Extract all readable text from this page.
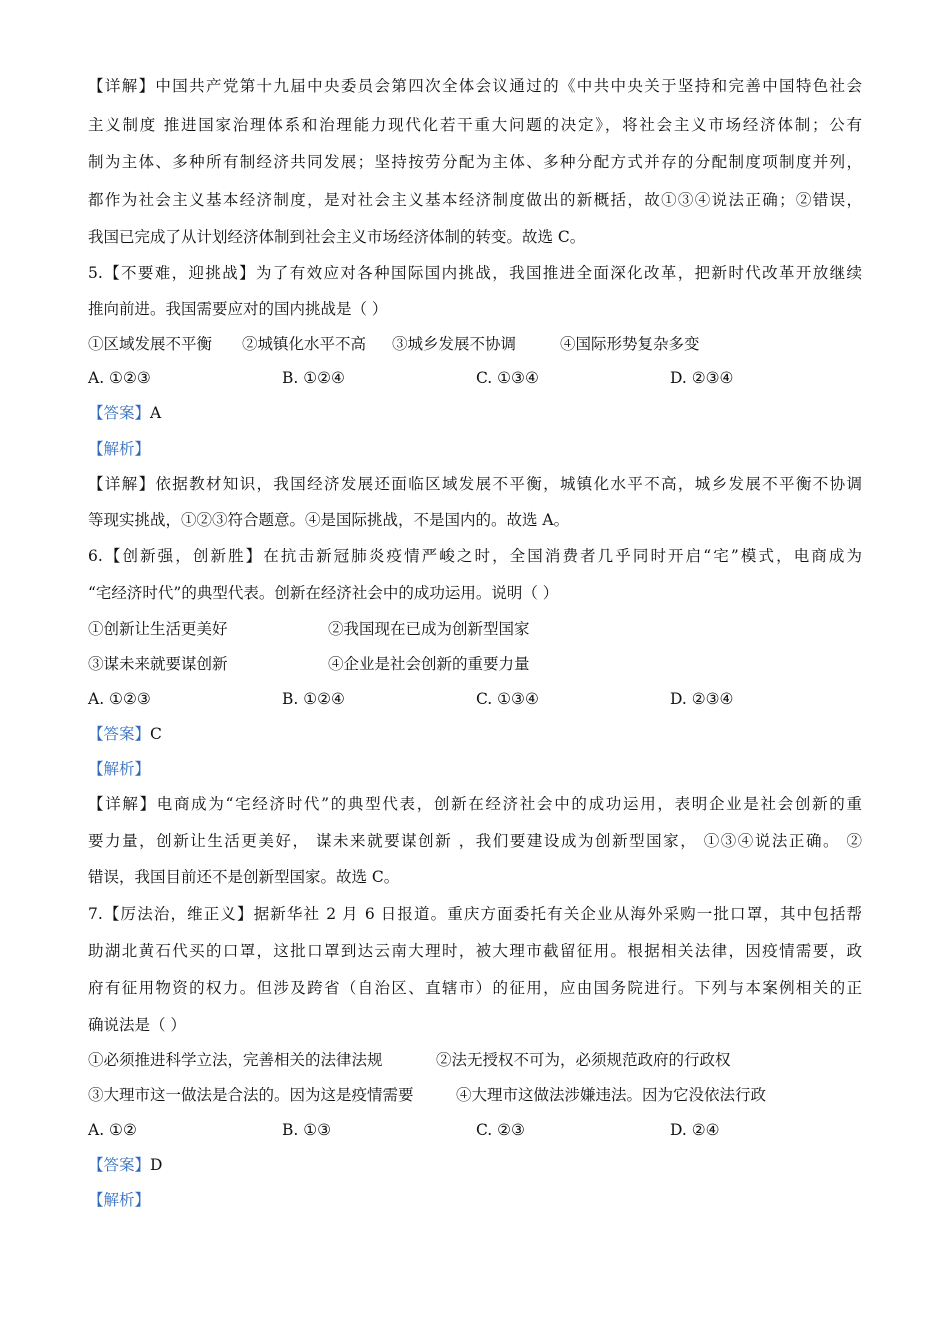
【详解】中国共产党第十九届中央委员会第四次全体会议通过的《中共中央关于坚持和完善中国特色社会
主义制度 推进国家治理体系和治理能力现代化若干重大问题的决定》，将社会主义市场经济体制；公有
制为主体、多种所有制经济共同发展；坚持按劳分配为主体、多种分配方式并存的分配制度项制度并列，
都作为社会主义基本经济制度，是对社会主义基本经济制度做出的新概括，故①③④说法正确；②错误，
我国已完成了从计划经济体制到社会主义市场经济体制的转变。故选 C。
5.【不要难，迎挑战】为了有效应对各种国际国内挑战，我国推进全面深化改革，把新时代改革开放继续
推向前进。我国需要应对的国内挑战是（ ）
①区域发展不平衡 ②城镇化水平不高 ③城乡发展不协调	④国际形势复杂多变
A. ①②③	B. ①②④	C. ①③④	D. ②③④
【答案】A
【解析】
【详解】依据教材知识，我国经济发展还面临区域发展不平衡，城镇化水平不高，城乡发展不平衡不协调
等现实挑战，①②③符合题意。④是国际挑战，不是国内的。故选 A。
6.【创新强，创新胜】在抗击新冠肺炎疫情严峻之时，全国消费者几乎同时开启“宅”模式，电商成为
“宅经济时代”的典型代表。创新在经济社会中的成功运用。说明（ ）
①创新让生活更美好	②我国现在已成为创新型国家
③谋未来就要谋创新	④企业是社会创新的重要力量
A. ①②③	B. ①②④	C. ①③④	D. ②③④
【答案】C
【解析】
【详解】电商成为“宅经济时代”的典型代表，创新在经济社会中的成功运用，表明企业是社会创新的重
要力量，创新让生活更美好， 谋未来就要谋创新 ，我们要建设成为创新型国家， ①③④说法正确。 ②
错误，我国目前还不是创新型国家。故选 C。
7.【厉法治，维正义】据新华社 2 月 6 日报道。重庆方面委托有关企业从海外采购一批口罩，其中包括帮
助湖北黄石代买的口罩，这批口罩到达云南大理时，被大理市截留征用。根据相关法律，因疫情需要，政
府有征用物资的权力。但涉及跨省（自治区、直辖市）的征用，应由国务院进行。下列与本案例相关的正
确说法是（ ）
①必须推进科学立法，完善相关的法律法规	②法无授权不可为，必须规范政府的行政权
③大理市这一做法是合法的。因为这是疫情需要	④大理市这做法涉嫌违法。因为它没依法行政
A. ①②	B. ①③	C. ②③	D. ②④
【答案】D
【解析】
